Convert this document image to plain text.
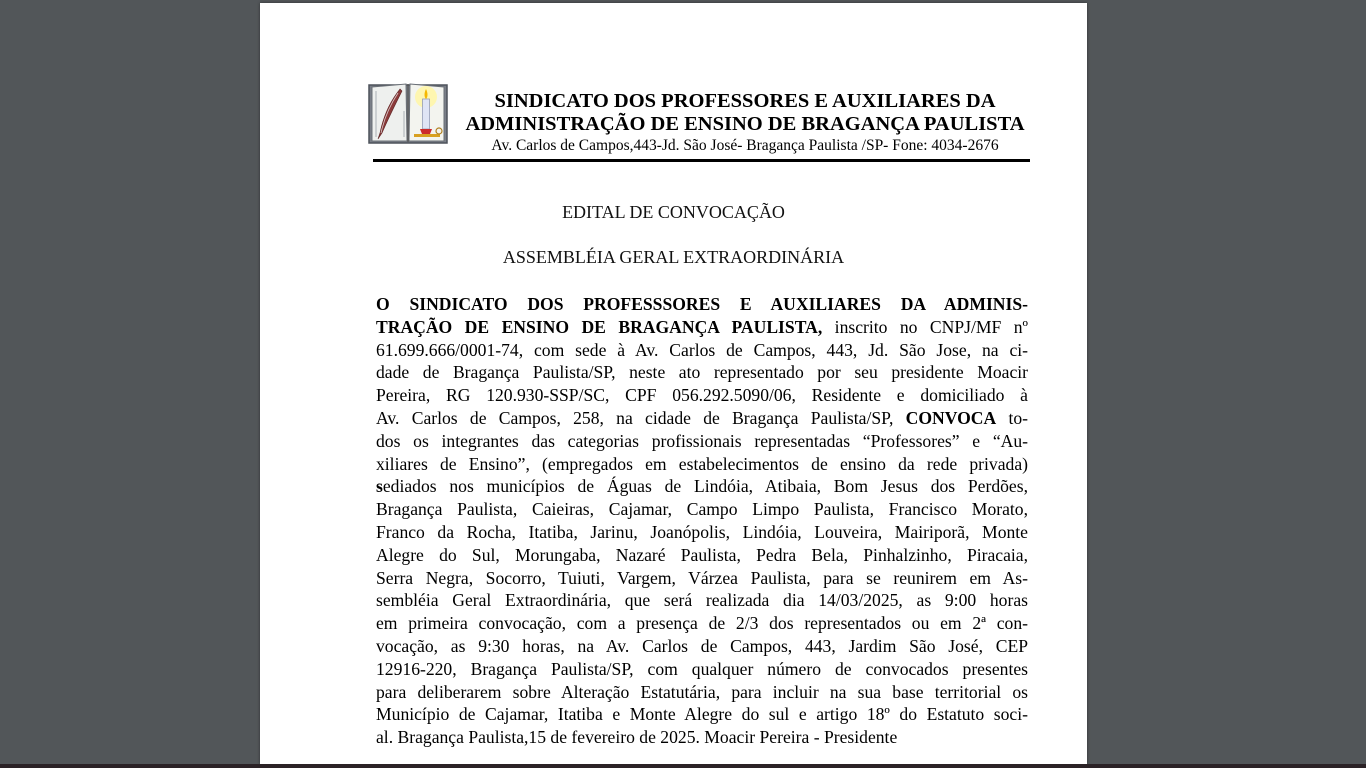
SINDICATO DOS PROFESSORES E AUXILIARES DA
ADMINISTRAÇÃO DE ENSINO DE BRAGANÇA PAULISTA
Av. Carlos de Campos,443-Jd. São José- Bragança Paulista /SP- Fone: 4034-2676
EDITAL DE CONVOCAÇÃO
ASSEMBLÉIA GERAL EXTRAORDINÁRIA
O SINDICATO DOS PROFESSSORES E AUXILIARES DA ADMINIS-
TRAÇÃO DE ENSINO DE BRAGANÇA PAULISTA, inscrito no CNPJ/MF nº
61.699.666/0001-74, com sede à Av. Carlos de Campos, 443, Jd. São Jose, na ci-
dade de Bragança Paulista/SP, neste ato representado por seu presidente Moacir
Pereira, RG 120.930-SSP/SC, CPF 056.292.5090/06, Residente e domiciliado à
Av. Carlos de Campos, 258, na cidade de Bragança Paulista/SP, CONVOCA to-
dos os integrantes das categorias profissionais representadas “Professores” e “Au-
xiliares de Ensino”, (empregados em estabelecimentos de ensino da rede privada)
sediados nos municípios de Águas de Lindóia, Atibaia, Bom Jesus dos Perdões,
Bragança Paulista, Caieiras, Cajamar, Campo Limpo Paulista, Francisco Morato,
Franco da Rocha, Itatiba, Jarinu, Joanópolis, Lindóia, Louveira, Mairiporã, Monte
Alegre do Sul, Morungaba, Nazaré Paulista, Pedra Bela, Pinhalzinho, Piracaia,
Serra Negra, Socorro, Tuiuti, Vargem, Várzea Paulista, para se reunirem em As-
sembléia Geral Extraordinária, que será realizada dia 14/03/2025, as 9:00 horas
em primeira convocação, com a presença de 2/3 dos representados ou em 2ª con-
vocação, as 9:30 horas, na Av. Carlos de Campos, 443, Jardim São José, CEP
12916-220, Bragança Paulista/SP, com qualquer número de convocados presentes
para deliberarem sobre Alteração Estatutária, para incluir na sua base territorial os
Município de Cajamar, Itatiba e Monte Alegre do sul e artigo 18º do Estatuto soci-
al. Bragança Paulista,15 de fevereiro de 2025. Moacir Pereira - Presidente
